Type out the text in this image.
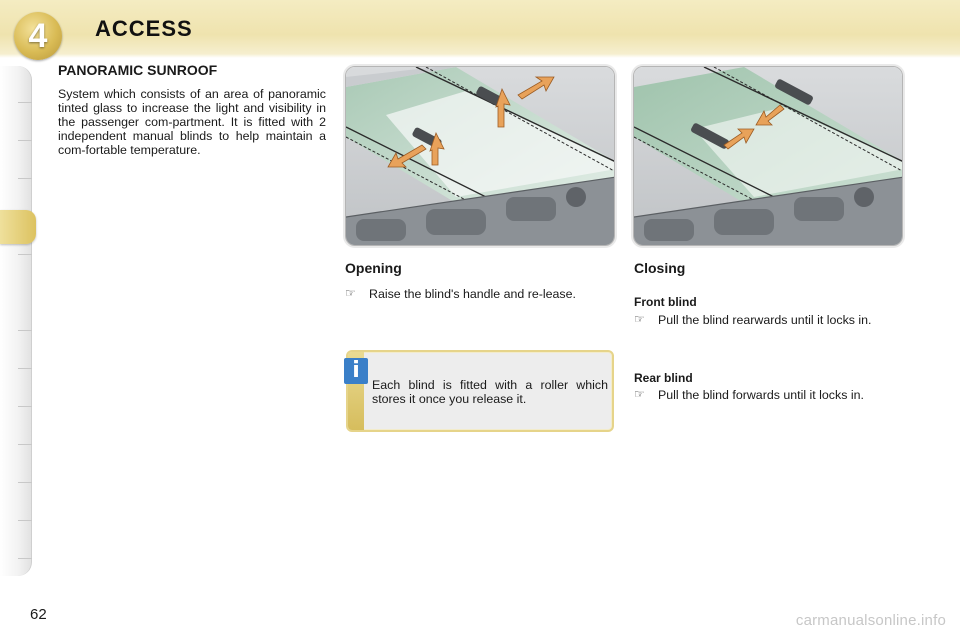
4	ACCESS
PANORAMIC SUNROOF
System which consists of an area of panoramic tinted glass to increase the light and visibility in the passenger com-partment. It is fitted with 2 independent manual blinds to help maintain a com-fortable temperature.
Opening
☞	Raise the blind's handle and re-lease.
i
Each blind is fitted with a roller which stores it once you release it.
Closing
Front blind
☞	Pull the blind rearwards until it locks in.
Rear blind
☞	Pull the blind forwards until it locks in.
62	carmanualsonline.info
